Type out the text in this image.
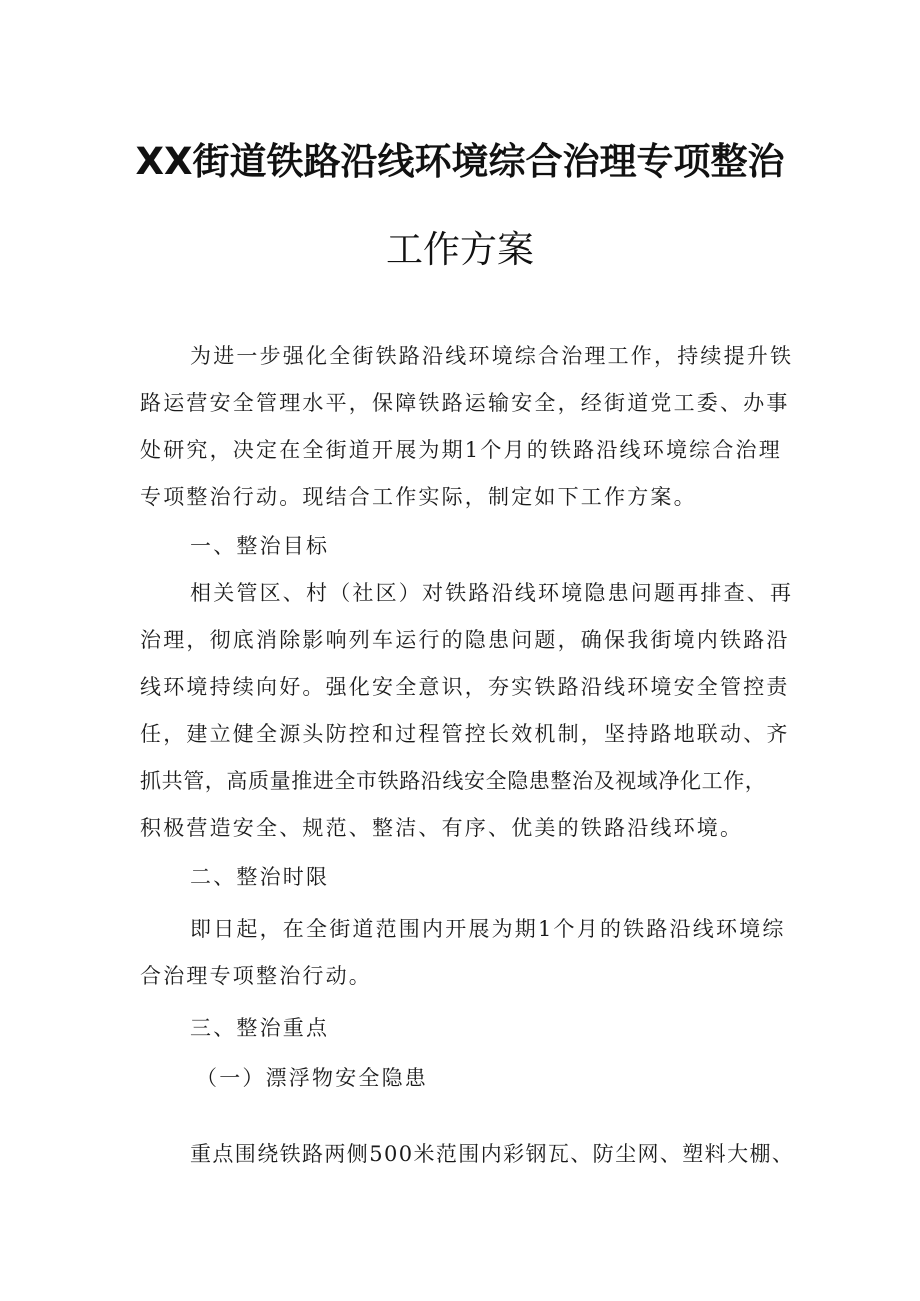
XX街道铁路沿线环境综合治理专项整治
工作方案
为进一步强化全街铁路沿线环境综合治理工作，持续提升铁
路运营安全管理水平，保障铁路运输安全，经街道党工委、办事
处研究，决定在全街道开展为期1个月的铁路沿线环境综合治理
专项整治行动。现结合工作实际，制定如下工作方案。
一、整治目标
相关管区、村（社区）对铁路沿线环境隐患问题再排查、再
治理，彻底消除影响列车运行的隐患问题，确保我街境内铁路沿
线环境持续向好。强化安全意识，夯实铁路沿线环境安全管控责
任，建立健全源头防控和过程管控长效机制，坚持路地联动、齐
抓共管，高质量推进全市铁路沿线安全隐患整治及视域净化工作，
积极营造安全、规范、整洁、有序、优美的铁路沿线环境。
二、整治时限
即日起，在全街道范围内开展为期1个月的铁路沿线环境综
合治理专项整治行动。
三、整治重点
（一）漂浮物安全隐患
重点围绕铁路两侧500米范围内彩钢瓦、防尘网、塑料大棚、
